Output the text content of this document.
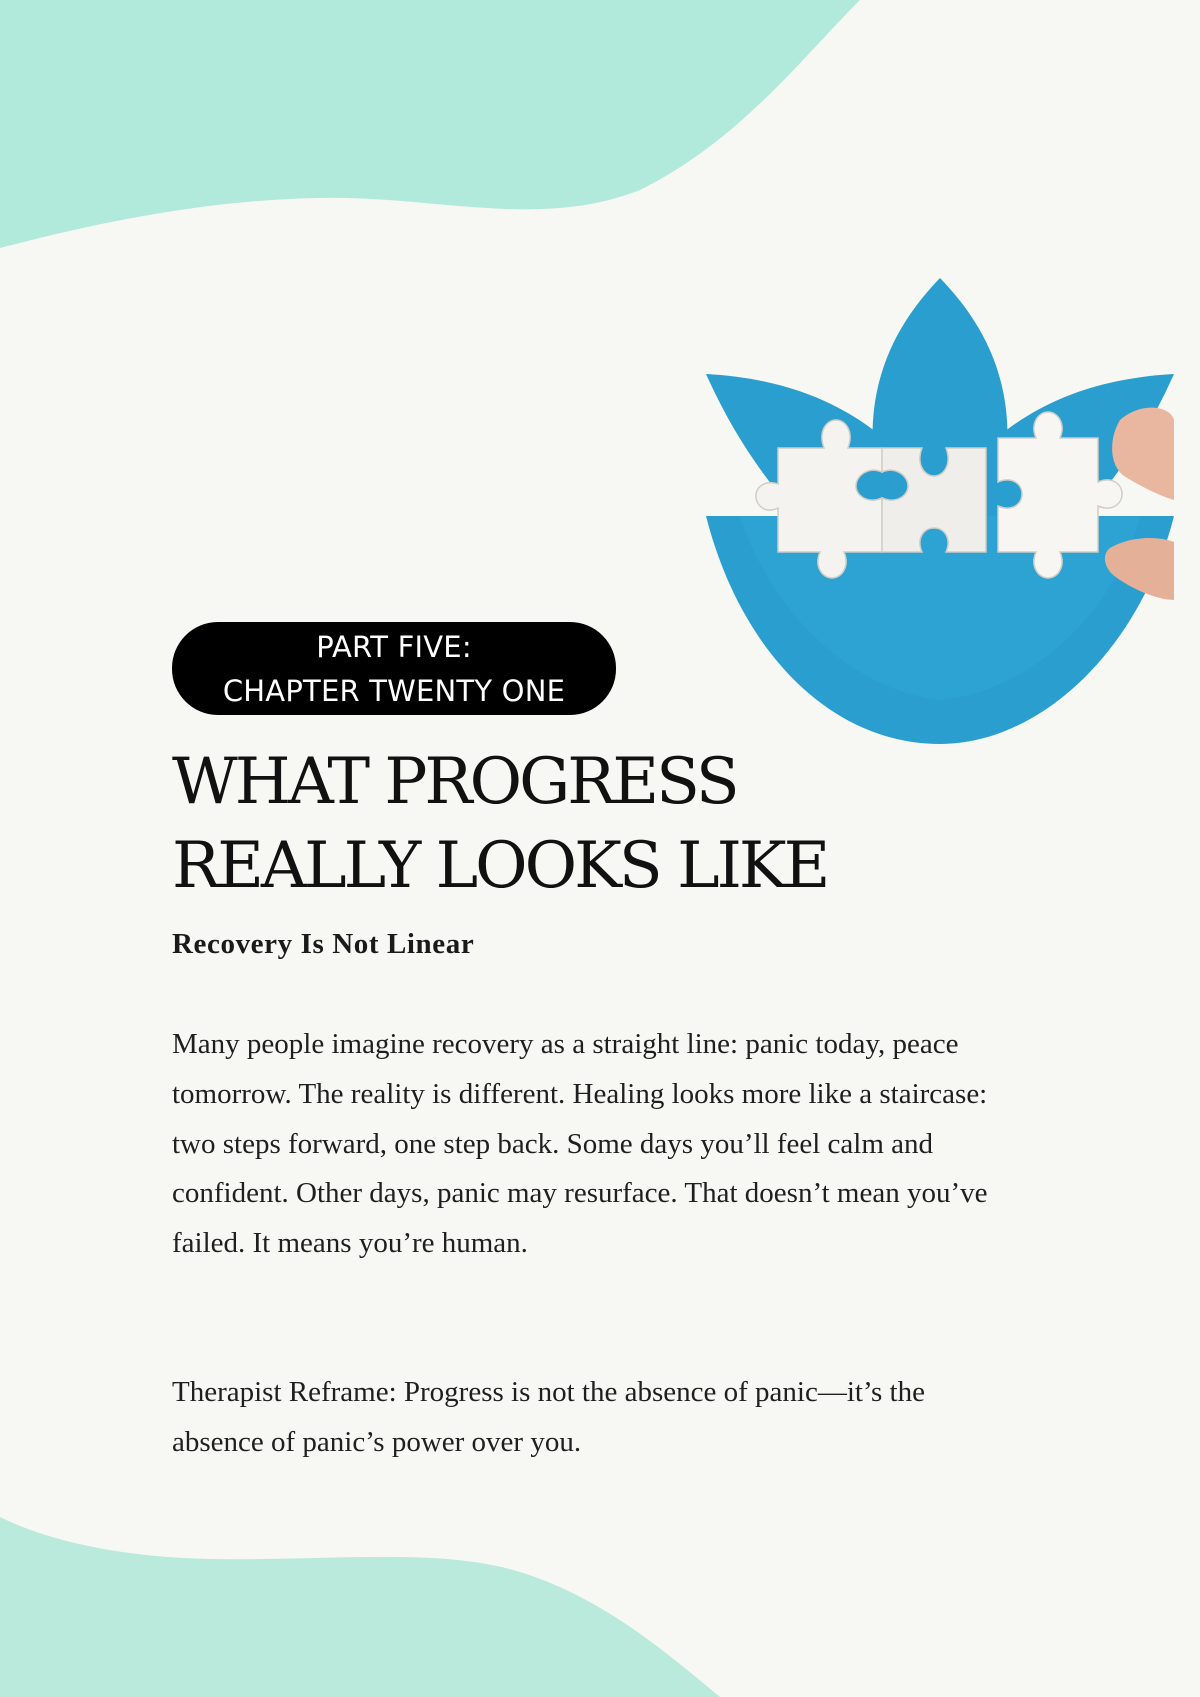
PART FIVE:
CHAPTER TWENTY ONE
WHAT PROGRESS
REALLY LOOKS LIKE
Recovery Is Not Linear

Many people imagine recovery as a straight line: panic today, peace tomorrow. The reality is different. Healing looks more like a staircase: two steps forward, one step back. Some days you’ll feel calm and confident. Other days, panic may resurface. That doesn’t mean you’ve failed. It means you’re human.

Therapist Reframe: Progress is not the absence of panic—it’s the absence of panic’s power over you.
